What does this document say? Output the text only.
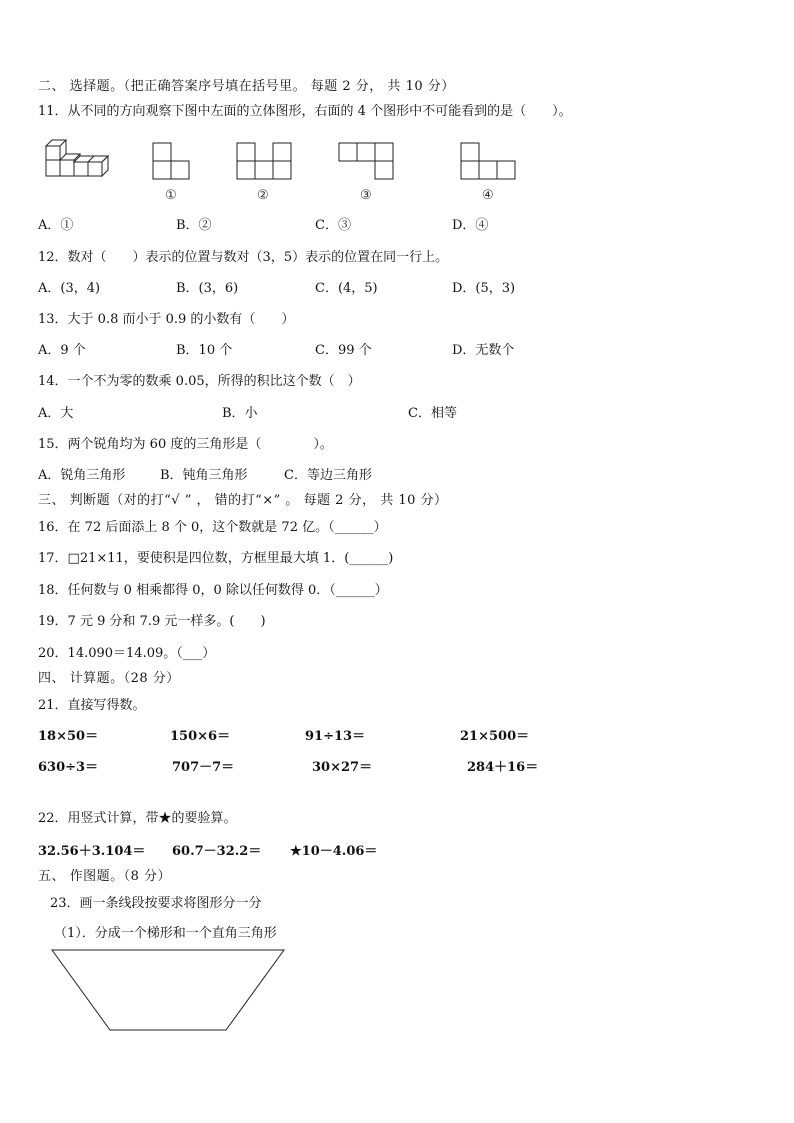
二、 选择题。（把正确答案序号填在括号里。 每题 2 分， 共 10 分）
11．从不同的方向观察下图中左面的立体图形，右面的 4 个图形中不可能看到的是（　　）。
①	②	③	④
A．①	B．②	C．③	D．④
12．数对（　　）表示的位置与数对（3，5）表示的位置在同一行上。
A．(3，4)	B．(3，6)	C．(4，5)	D．(5，3)
13．大于 0.8 而小于 0.9 的小数有（　　）
A．9 个	B．10 个	C．99 个	D．无数个
14．一个不为零的数乘 0.05，所得的积比这个数（　）
A．大	B．小	C．相等
15．两个锐角均为 60 度的三角形是（　　　　）。
A．锐角三角形	B．钝角三角形	C．等边三角形
三、 判断题（对的打“√ ” ， 错的打“×” 。 每题 2 分， 共 10 分）
16．在 72 后面添上 8 个 0，这个数就是 72 亿。（______）
17．□21×11，要使积是四位数，方框里最大填 1．(______)
18．任何数与 0 相乘都得 0，0 除以任何数得 0．（______）
19．7 元 9 分和 7.9 元一样多。(　　)
20．14.090＝14.09。（___）
四、 计算题。（28 分）
21．直接写得数。
18×50＝	150×6＝	91÷13＝	21×500＝
630÷3＝	707－7＝	30×27＝	284＋16＝
22．用竖式计算，带★的要验算。
32.56＋3.104＝ 60.7－32.2＝ ★10－4.06＝
五、 作图题。（8 分）
23．画一条线段按要求将图形分一分
（1）．分成一个梯形和一个直角三角形
